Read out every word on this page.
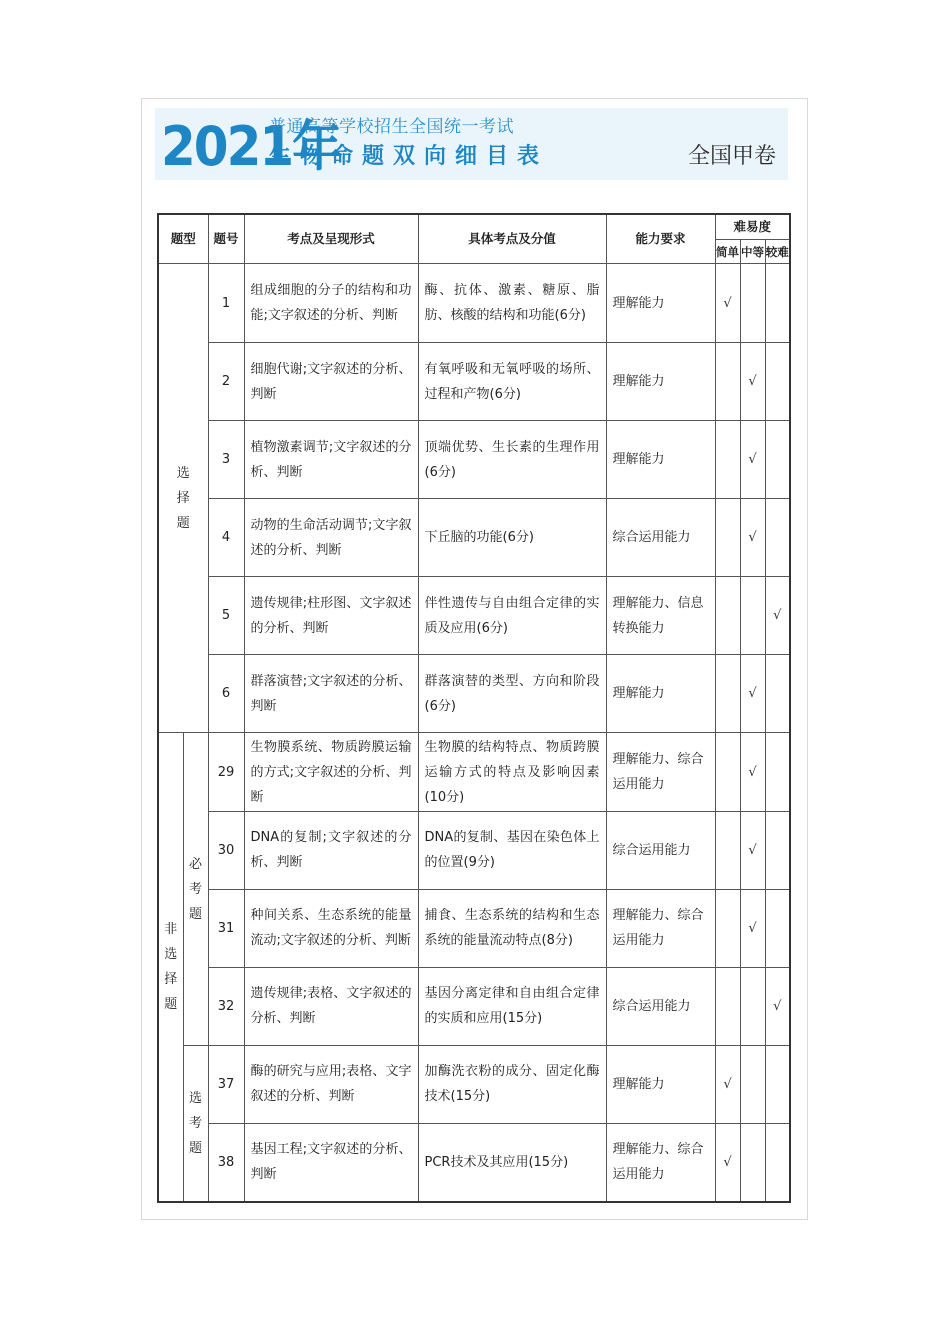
2021年
普通高等学校招生全国统一考试
生物命题双向细目表	全国甲卷
题型		题号	考点及呈现形式	具体考点及分值	能力要求	难易度		
						简单	中等	较难

选择题		1	组成细胞的分子的结构和功能;文字叙述的分析、判断	酶、抗体、激素、糖原、脂肪、核酸的结构和功能(6分)	理解能力	√		
		2	细胞代谢;文字叙述的分析、判断	有氧呼吸和无氧呼吸的场所、过程和产物(6分)	理解能力		√	
		3	植物激素调节;文字叙述的分析、判断	顶端优势、生长素的生理作用(6分)	理解能力		√	
		4	动物的生命活动调节;文字叙述的分析、判断	下丘脑的功能(6分)	综合运用能力		√	
		5	遗传规律;柱形图、文字叙述的分析、判断	伴性遗传与自由组合定律的实质及应用(6分)	理解能力、信息转换能力			√
		6	群落演替;文字叙述的分析、判断	群落演替的类型、方向和阶段(6分)	理解能力		√	

非选择题	必考题	29	生物膜系统、物质跨膜运输的方式;文字叙述的分析、判断	生物膜的结构特点、物质跨膜运输方式的特点及影响因素(10分)	理解能力、综合运用能力		√	
		30	DNA的复制;文字叙述的分析、判断	DNA的复制、基因在染色体上的位置(9分)	综合运用能力		√	
		31	种间关系、生态系统的能量流动;文字叙述的分析、判断	捕食、生态系统的结构和生态系统的能量流动特点(8分)	理解能力、综合运用能力		√	
		32	遗传规律;表格、文字叙述的分析、判断	基因分离定律和自由组合定律的实质和应用(15分)	综合运用能力			√

	选考题	37	酶的研究与应用;表格、文字叙述的分析、判断	加酶洗衣粉的成分、固定化酶技术(15分)	理解能力	√		
		38	基因工程;文字叙述的分析、判断	PCR技术及其应用(15分)	理解能力、综合运用能力	√		
